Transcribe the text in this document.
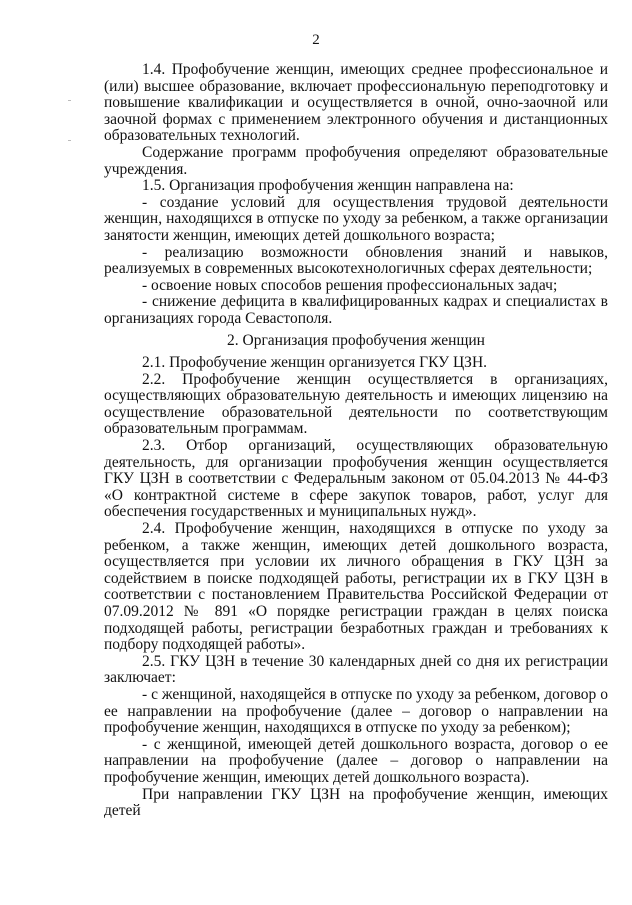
2

1.4. Профобучение женщин, имеющих среднее профессиональное и (или) высшее образование, включает профессиональную переподготовку и повышение квалификации и осуществляется в очной, очно-заочной или заочной формах с применением электронного обучения и дистанционных образовательных технологий.

Содержание программ профобучения определяют образовательные учреждения.

1.5. Организация профобучения женщин направлена на:

- создание условий для осуществления трудовой деятельности женщин, находящихся в отпуске по уходу за ребенком, а также организации занятости женщин, имеющих детей дошкольного возраста;

- реализацию возможности обновления знаний и навыков, реализуемых в современных высокотехнологичных сферах деятельности;

- освоение новых способов решения профессиональных задач;

- снижение дефицита в квалифицированных кадрах и специалистах в организациях города Севастополя.

2. Организация профобучения женщин

2.1. Профобучение женщин организуется ГКУ ЦЗН.

2.2. Профобучение женщин осуществляется в организациях, осуществляющих образовательную деятельность и имеющих лицензию на осуществление образовательной деятельности по соответствующим образовательным программам.

2.3. Отбор организаций, осуществляющих образовательную деятельность, для организации профобучения женщин осуществляется ГКУ ЦЗН в соответствии с Федеральным законом от 05.04.2013 № 44-ФЗ «О контрактной системе в сфере закупок товаров, работ, услуг для обеспечения государственных и муниципальных нужд».

2.4. Профобучение женщин, находящихся в отпуске по уходу за ребенком, а также женщин, имеющих детей дошкольного возраста, осуществляется при условии их личного обращения в ГКУ ЦЗН за содействием в поиске подходящей работы, регистрации их в ГКУ ЦЗН в соответствии с постановлением Правительства Российской Федерации от 07.09.2012 № 891 «О порядке регистрации граждан в целях поиска подходящей работы, регистрации безработных граждан и требованиях к подбору подходящей работы».

2.5. ГКУ ЦЗН в течение 30 календарных дней со дня их регистрации заключает:

- с женщиной, находящейся в отпуске по уходу за ребенком, договор о ее направлении на профобучение (далее – договор о направлении на профобучение женщин, находящихся в отпуске по уходу за ребенком);

- с женщиной, имеющей детей дошкольного возраста, договор о ее направлении на профобучение (далее – договор о направлении на профобучение женщин, имеющих детей дошкольного возраста).

При направлении ГКУ ЦЗН на профобучение женщин, имеющих детей
